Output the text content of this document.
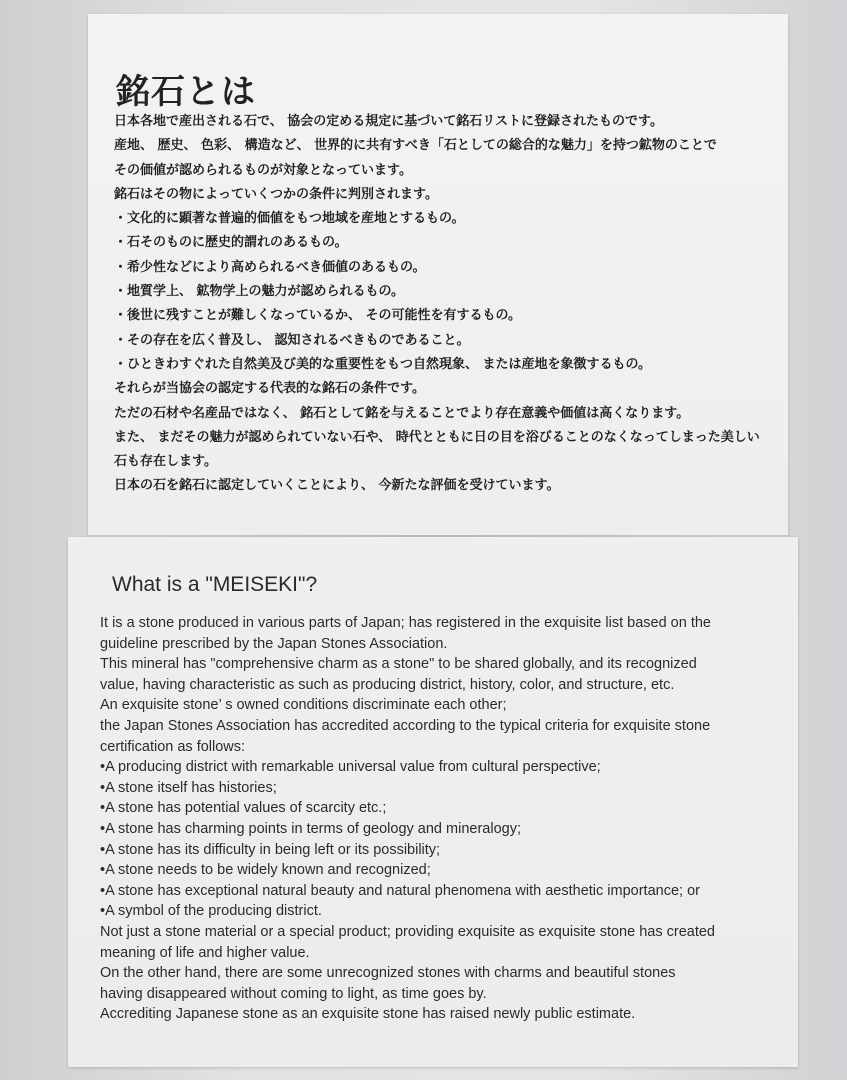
銘石とは
日本各地で産出される石で、 協会の定める規定に基づいて銘石リストに登録されたものです。
産地、 歴史、 色彩、 構造など、 世界的に共有すべき「石としての総合的な魅力」を持つ鉱物のことで
その価値が認められるものが対象となっています。
銘石はその物によっていくつかの条件に判別されます。
・文化的に顕著な普遍的価値をもつ地域を産地とするもの。
・石そのものに歴史的謂れのあるもの。
・希少性などにより高められるべき価値のあるもの。
・地質学上、 鉱物学上の魅力が認められるもの。
・後世に残すことが難しくなっているか、 その可能性を有するもの。
・その存在を広く普及し、 認知されるべきものであること。
・ひときわすぐれた自然美及び美的な重要性をもつ自然現象、 または産地を象徴するもの。
それらが当協会の認定する代表的な銘石の条件です。
ただの石材や名産品ではなく、 銘石として銘を与えることでより存在意義や価値は高くなります。
また、 まだその魅力が認められていない石や、 時代とともに日の目を浴びることのなくなってしまった美しい
石も存在します。
日本の石を銘石に認定していくことにより、 今新たな評価を受けています。
What is a "MEISEKI"?
It is a stone produced in various parts of Japan; has registered in the exquisite list based on the
guideline prescribed by the Japan Stones Association.
This mineral has "comprehensive charm as a stone" to be shared globally, and its recognized
value, having characteristic as such as producing district, history, color, and structure, etc.
An exquisite stone’ s owned conditions discriminate each other;
the Japan Stones Association has accredited according to the typical criteria for exquisite stone
certification as follows:
•A producing district with remarkable universal value from cultural perspective;
•A stone itself has histories;
•A stone has potential values of scarcity etc.;
•A stone has charming points in terms of geology and mineralogy;
•A stone has its difficulty in being left or its possibility;
•A stone needs to be widely known and recognized;
•A stone has exceptional natural beauty and natural phenomena with aesthetic importance; or
•A symbol of the producing district.
Not just a stone material or a special product; providing exquisite as exquisite stone has created
meaning of life and higher value.
On the other hand, there are some unrecognized stones with charms and beautiful stones
having disappeared without coming to light, as time goes by.
Accrediting Japanese stone as an exquisite stone has raised newly public estimate.
